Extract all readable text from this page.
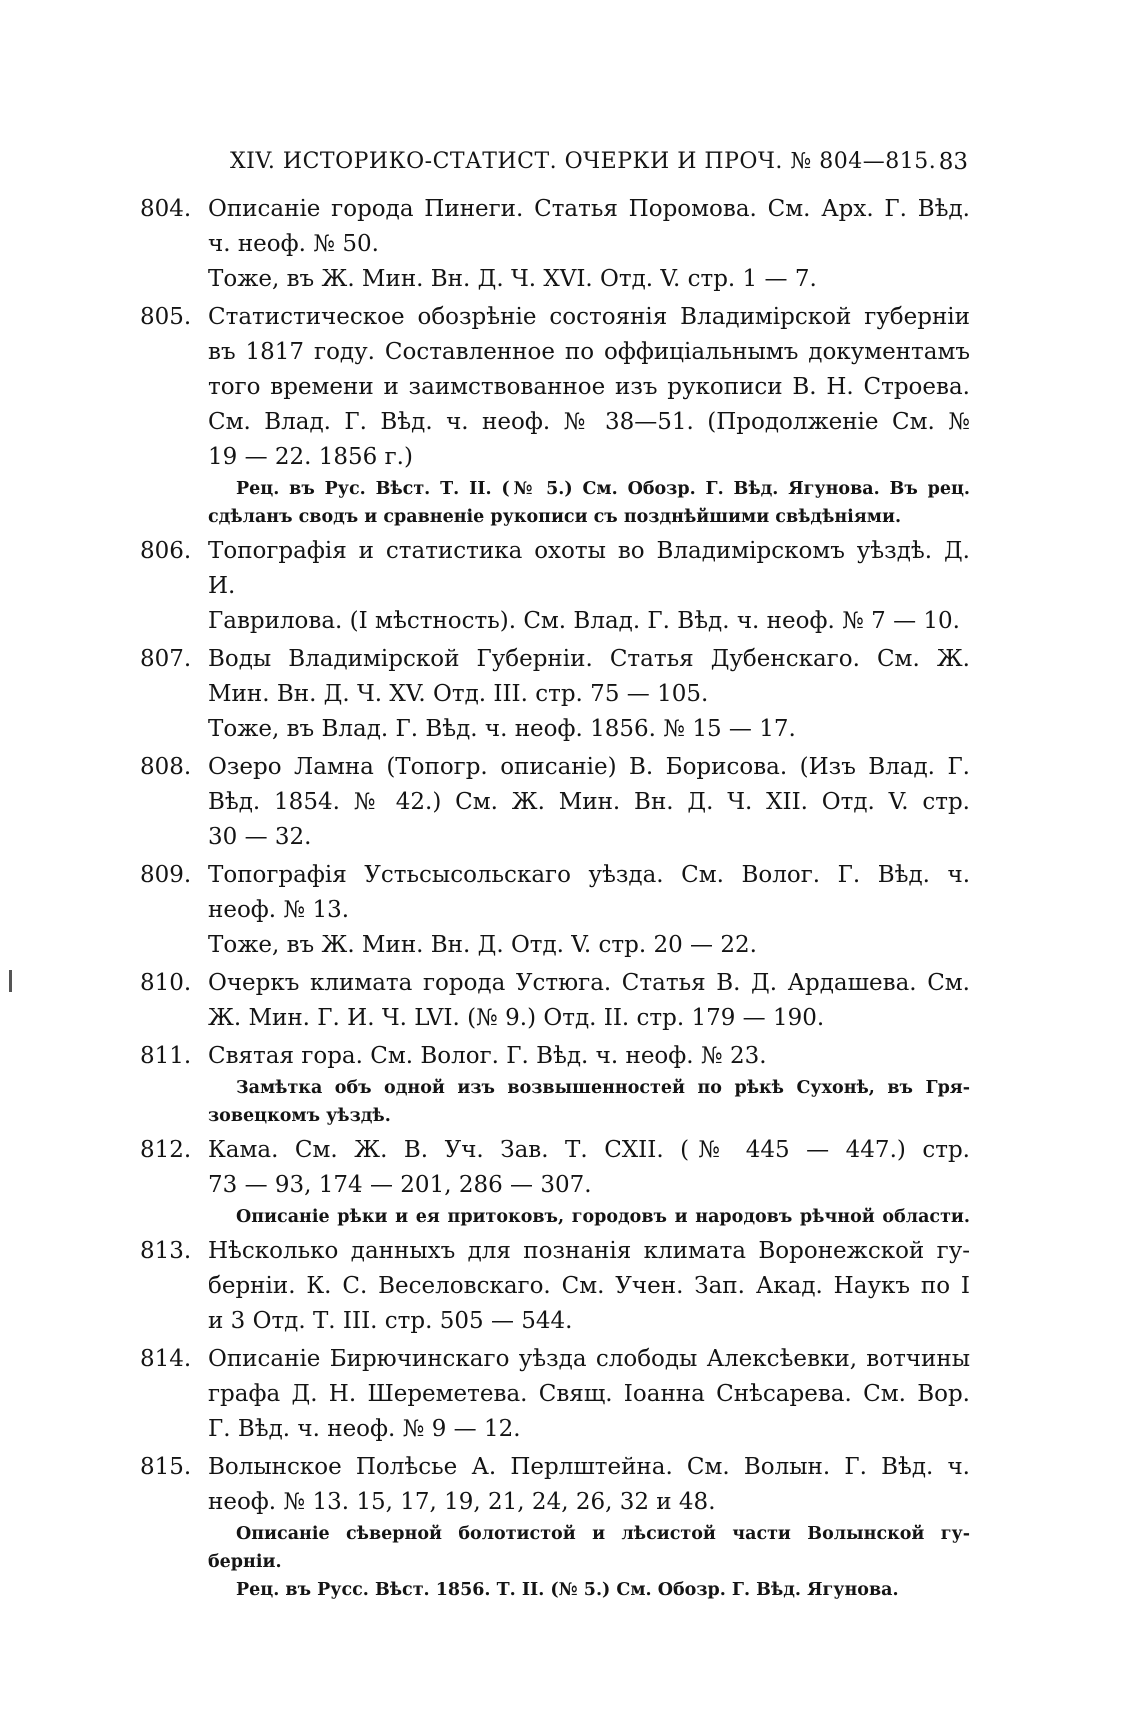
XIV. ИСТОРИКО-СТАТИСТ. ОЧЕРКИ И ПРОЧ. № 804—815. 83
804. Описаніе города Пинеги. Статья Поромова. См. Арх. Г. Вѣд.
ч. неоф. № 50.
Тоже, въ Ж. Мин. Вн. Д. Ч. XVI. Отд. V. стр. 1 — 7.
805. Статистическое обозрѣніе состоянія Владимірской губерніи
въ 1817 году. Составленное по оффиціальнымъ документамъ
того времени и заимствованное изъ рукописи В. Н. Строева.
См. Влад. Г. Вѣд. ч. неоф. № 38—51. (Продолженіе См. №
19 — 22. 1856 г.)
Рец. въ Рус. Вѣст. Т. II. (№ 5.) См. Обозр. Г. Вѣд. Ягунова. Въ рец.
сдѣланъ сводъ и сравненіе рукописи съ позднѣйшими свѣдѣніями.
806. Топографія и статистика охоты во Владимірскомъ уѣздѣ. Д. И.
Гаврилова. (I мѣстность). См. Влад. Г. Вѣд. ч. неоф. № 7 — 10.
807. Воды Владимірской Губерніи. Статья Дубенскаго. См. Ж.
Мин. Вн. Д. Ч. XV. Отд. III. стр. 75 — 105.
Тоже, въ Влад. Г. Вѣд. ч. неоф. 1856. № 15 — 17.
808. Озеро Ламна (Топогр. описаніе) В. Борисова. (Изъ Влад. Г.
Вѣд. 1854. № 42.) См. Ж. Мин. Вн. Д. Ч. XII. Отд. V. стр.
30 — 32.
809. Топографія Устьсысольскаго уѣзда. См. Волог. Г. Вѣд. ч.
неоф. № 13.
Тоже, въ Ж. Мин. Вн. Д. Отд. V. стр. 20 — 22.
810. Очеркъ климата города Устюга. Статья В. Д. Ардашева. См.
Ж. Мин. Г. И. Ч. LVI. (№ 9.) Отд. II. стр. 179 — 190.
811. Святая гора. См. Волог. Г. Вѣд. ч. неоф. № 23.
Замѣтка объ одной изъ возвышенностей по рѣкѣ Сухонѣ, въ Гря-
зовецкомъ уѣздѣ.
812. Кама. См. Ж. В. Уч. Зав. Т. CXII. (№ 445 — 447.) стр.
73 — 93, 174 — 201, 286 — 307.
Описаніе рѣки и ея притоковъ, городовъ и народовъ рѣчной области.
813. Нѣсколько данныхъ для познанія климата Воронежской гу-
берніи. К. С. Веселовскаго. См. Учен. Зап. Акад. Наукъ по I
и 3 Отд. Т. III. стр. 505 — 544.
814. Описаніе Бирючинскаго уѣзда слободы Алексѣевки, вотчины
графа Д. Н. Шереметева. Свящ. Іоанна Снѣсарева. См. Вор.
Г. Вѣд. ч. неоф. № 9 — 12.
815. Волынское Полѣсье А. Перлштейна. См. Волын. Г. Вѣд. ч.
неоф. № 13. 15, 17, 19, 21, 24, 26, 32 и 48.
Описаніе сѣверной болотистой и лѣсистой части Волынской гу-
берніи.
Рец. въ Русс. Вѣст. 1856. Т. II. (№ 5.) См. Обозр. Г. Вѣд. Ягунова.
